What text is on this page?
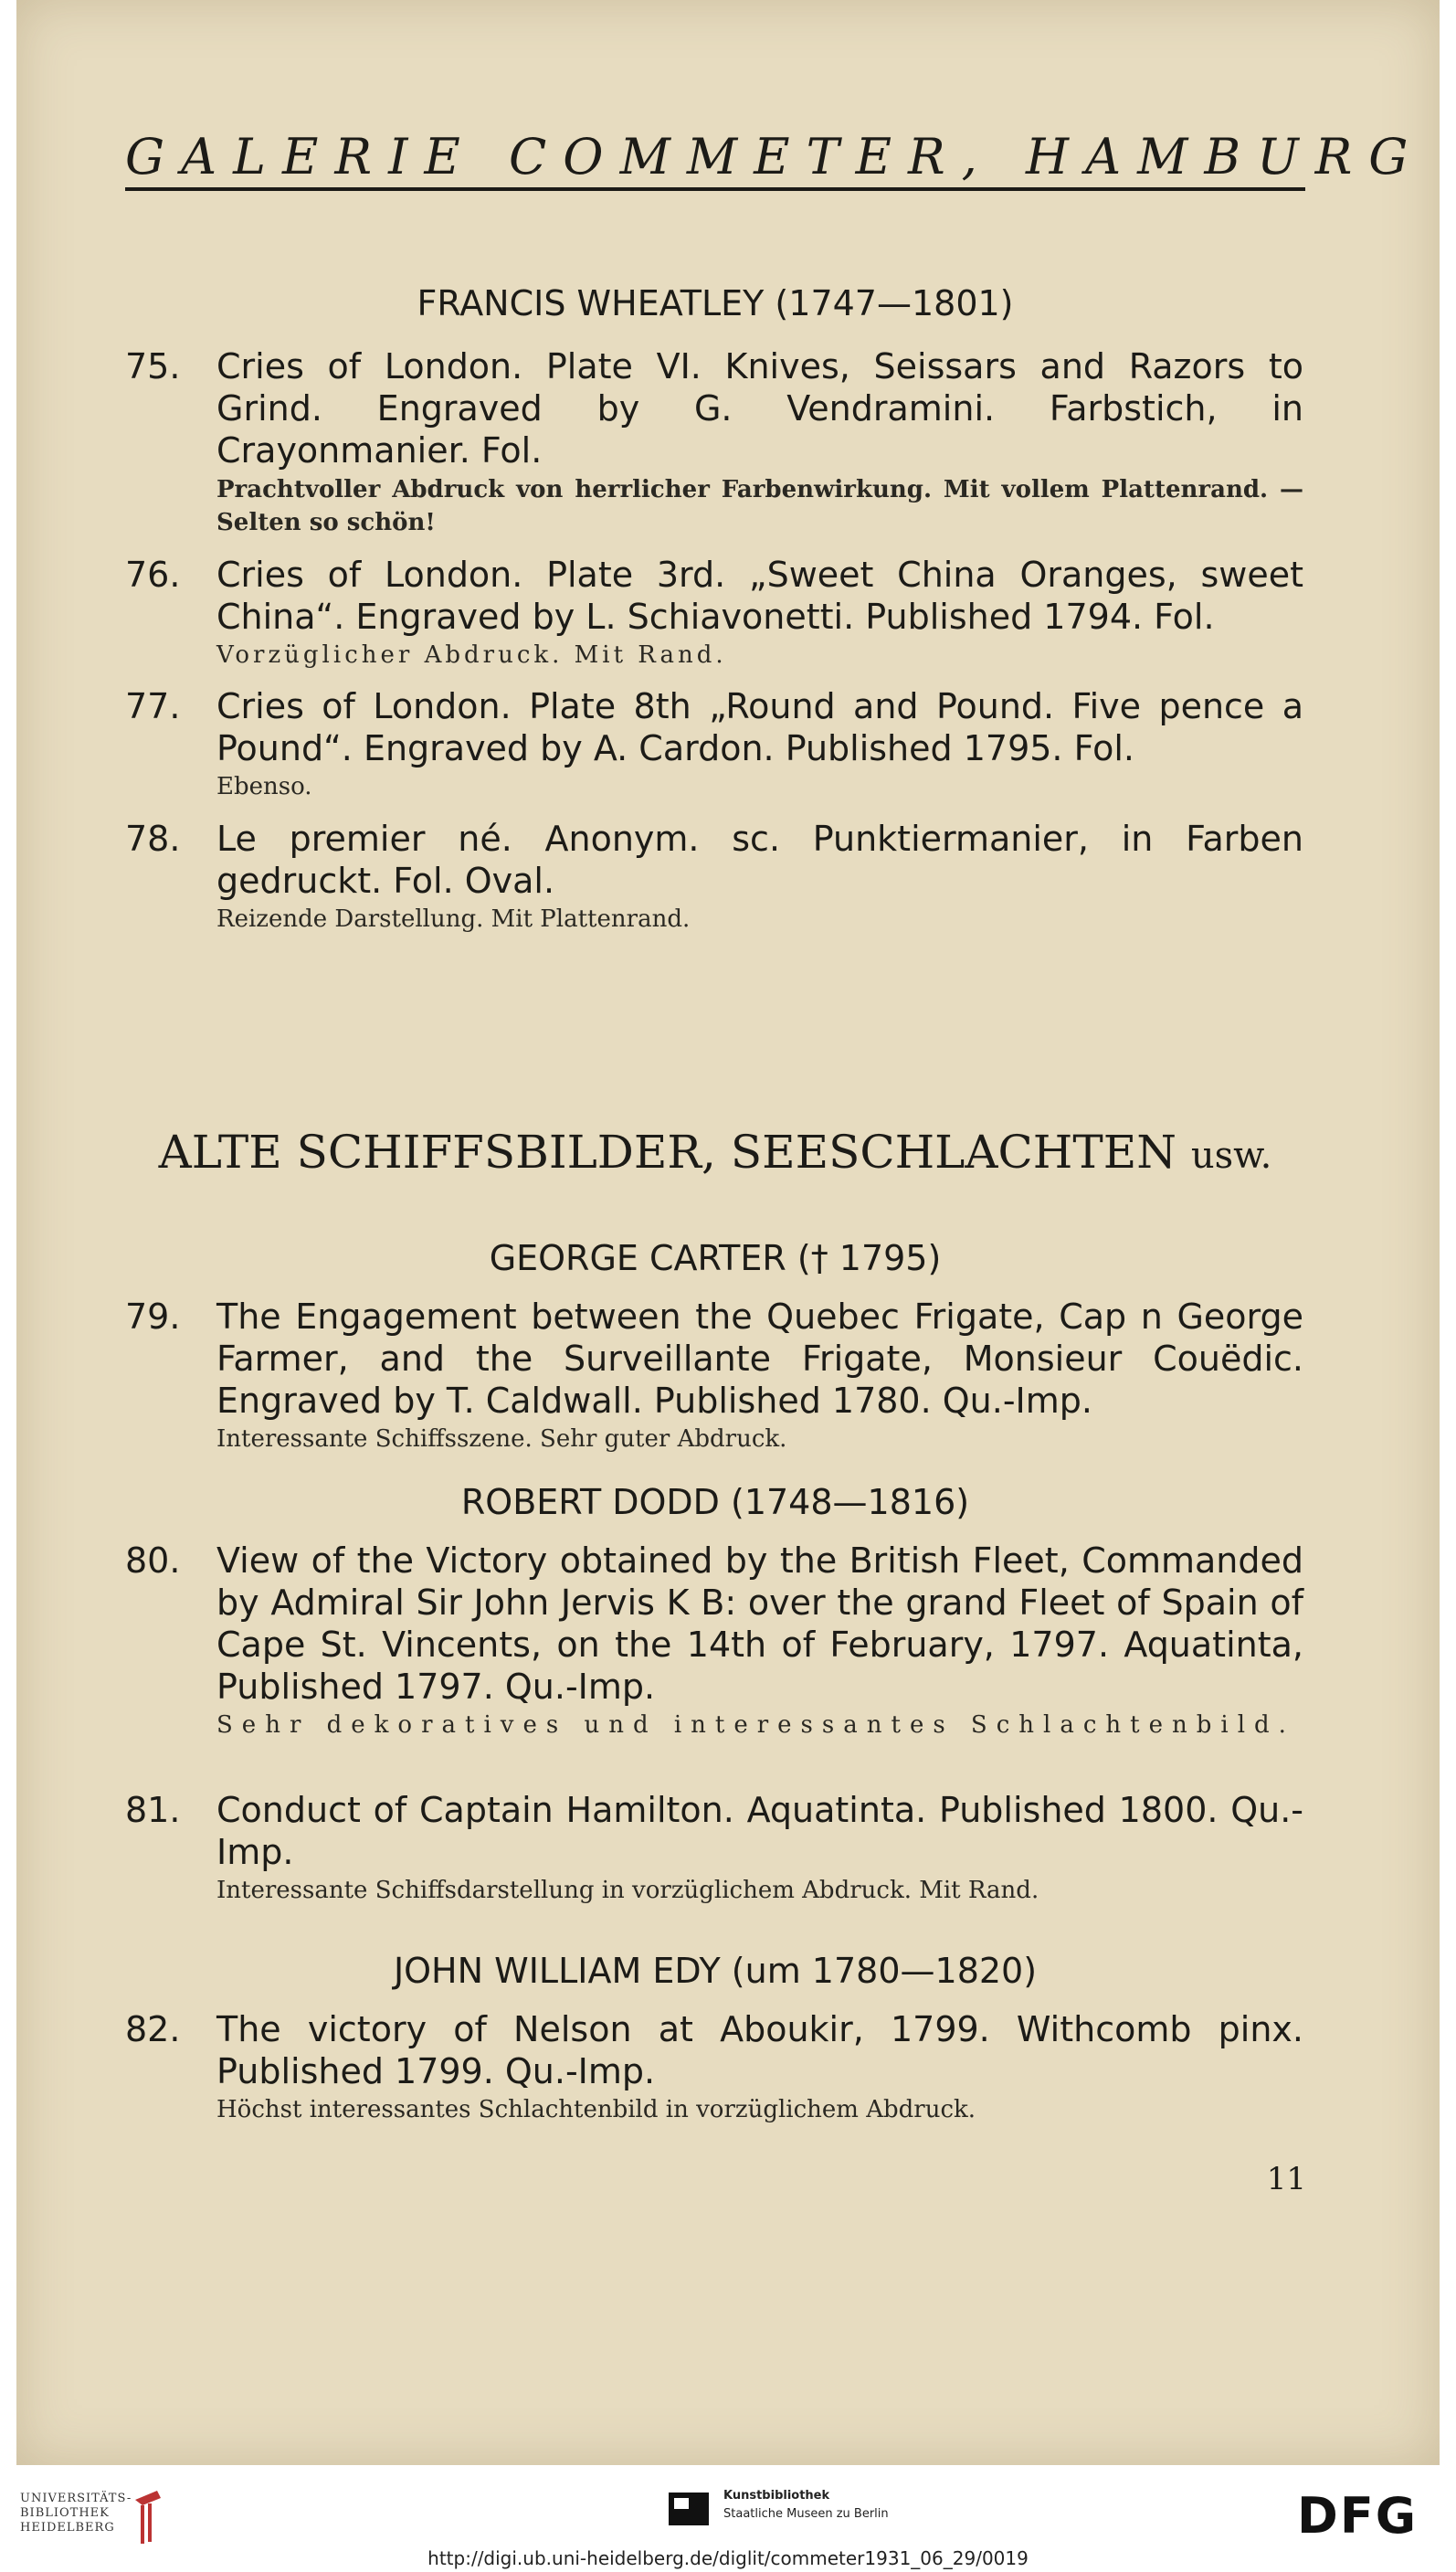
GALERIE COMMETER, HAMBURG
FRANCIS WHEATLEY (1747—1801)
75.	Cries of London. Plate VI. Knives, Seissars and Razors to Grind. Engraved by G. Vendramini. Farbstich, in Crayonmanier. Fol.
Prachtvoller Abdruck von herrlicher Farbenwirkung. Mit vollem Plattenrand. — Selten so schön!
76.	Cries of London. Plate 3rd. „Sweet China Oranges, sweet China“. Engraved by L. Schiavonetti. Published 1794. Fol.
Vorzüglicher Abdruck. Mit Rand.
77.	Cries of London. Plate 8th „Round and Pound. Five pence a Pound“. Engraved by A. Cardon. Published 1795. Fol.
Ebenso.
78.	Le premier né. Anonym. sc. Punktiermanier, in Farben gedruckt. Fol. Oval.
Reizende Darstellung. Mit Plattenrand.
ALTE SCHIFFSBILDER, SEESCHLACHTEN usw.
GEORGE CARTER († 1795)
79.	The Engagement between the Quebec Frigate, Cap n George Farmer, and the Surveillante Frigate, Monsieur Couëdic. Engraved by T. Caldwall. Published 1780. Qu.-Imp.
Interessante Schiffsszene. Sehr guter Abdruck.
ROBERT DODD (1748—1816)
80.	View of the Victory obtained by the British Fleet, Commanded by Admiral Sir John Jervis K B: over the grand Fleet of Spain of Cape St. Vincents, on the 14th of February, 1797. Aquatinta, Published 1797. Qu.-Imp.
Sehr dekoratives und interessantes Schlachtenbild.
81.	Conduct of Captain Hamilton. Aquatinta. Published 1800. Qu.-Imp.
Interessante Schiffsdarstellung in vorzüglichem Abdruck. Mit Rand.
JOHN WILLIAM EDY (um 1780—1820)
82.	The victory of Nelson at Aboukir, 1799. Withcomb pinx. Published 1799. Qu.-Imp.
Höchst interessantes Schlachtenbild in vorzüglichem Abdruck.
11
UNIVERSITÄTS-
BIBLIOTHEK
HEIDELBERG
Kunstbibliothek
Staatliche Museen zu Berlin	DFG
http://digi.ub.uni-heidelberg.de/diglit/commeter1931_06_29/0019
